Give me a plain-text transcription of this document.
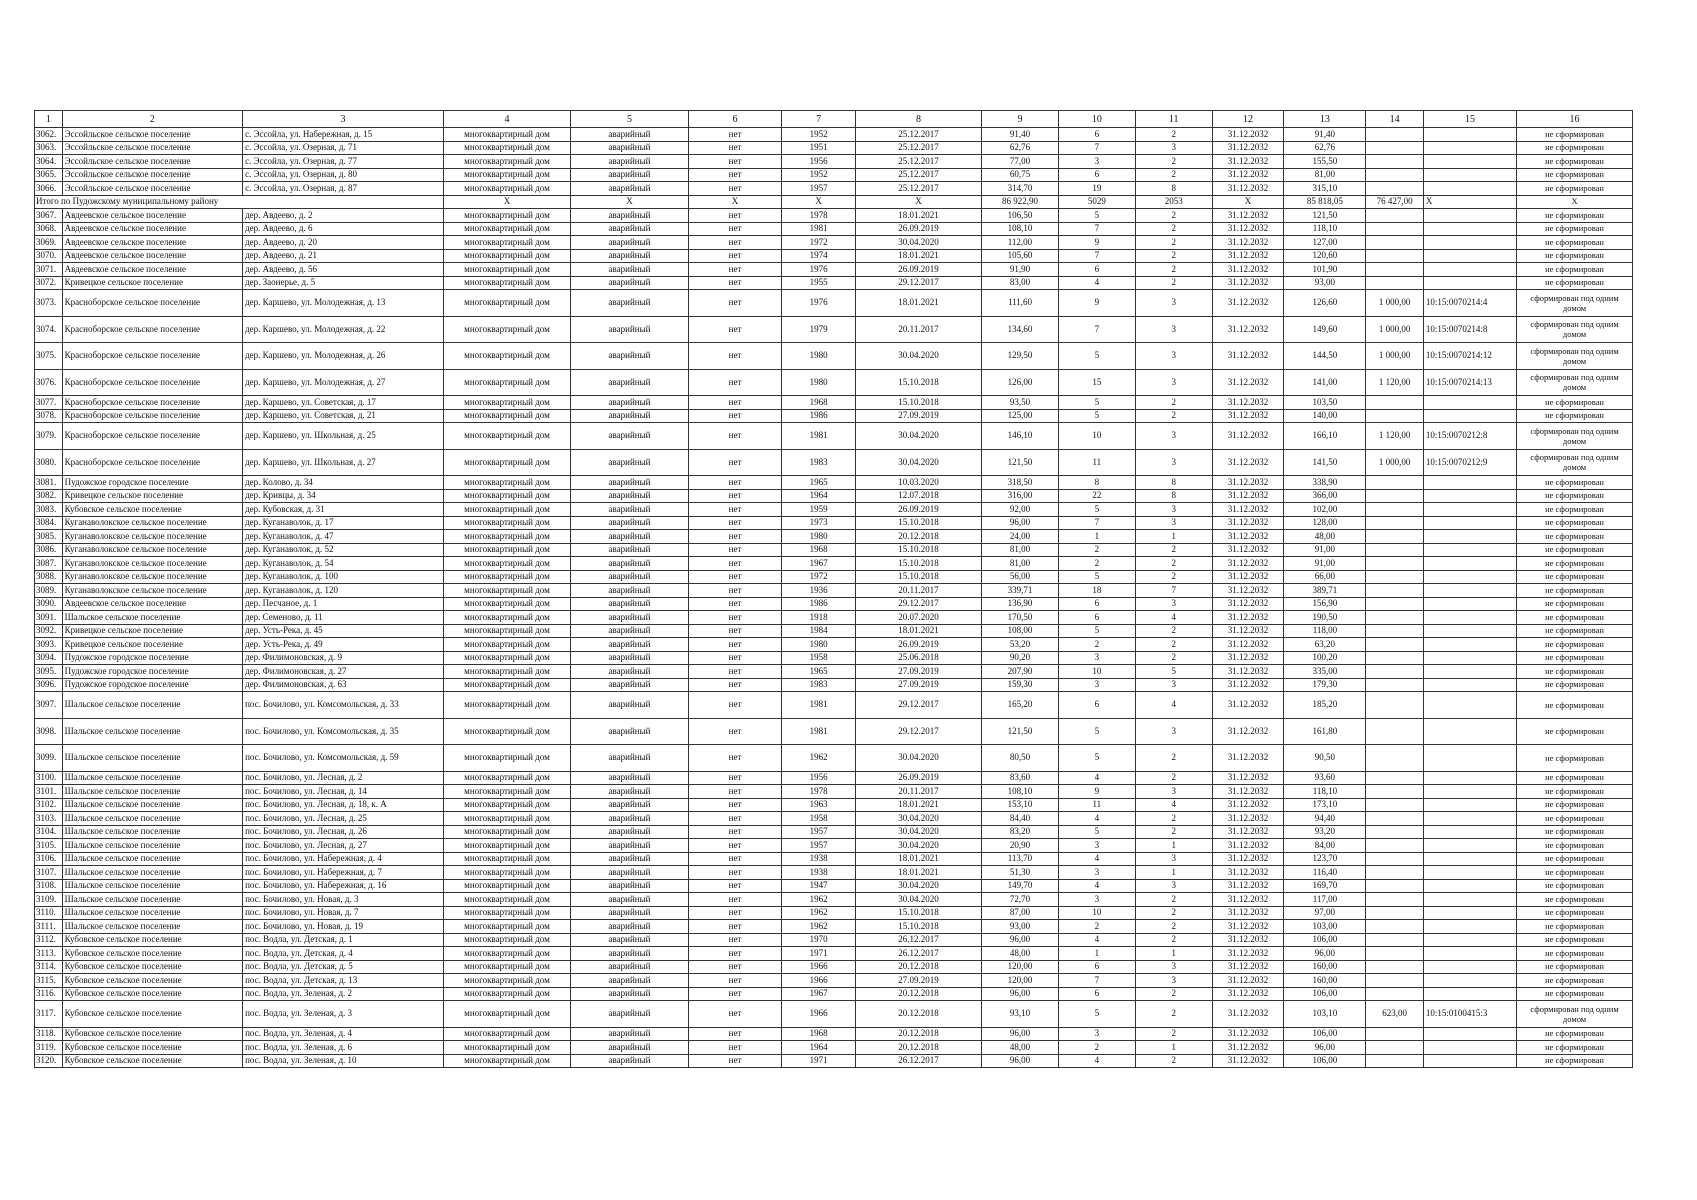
1	2	3	4	5	6	7	8	9	10	11	12	13	14	15	16
3062.	Эссойльское сельское поселение	с. Эссойла, ул. Набережная, д. 15	многоквартирный дом	аварийный	нет	1952	25.12.2017	91,40	6	2	31.12.2032	91,40			не сформирован
3063.	Эссойльское сельское поселение	с. Эссойла, ул. Озерная, д. 71	многоквартирный дом	аварийный	нет	1951	25.12.2017	62,76	7	3	31.12.2032	62,76			не сформирован
3064.	Эссойльское сельское поселение	с. Эссойла, ул. Озерная, д. 77	многоквартирный дом	аварийный	нет	1956	25.12.2017	77,00	3	2	31.12.2032	155,50			не сформирован
3065.	Эссойльское сельское поселение	с. Эссойла, ул. Озерная, д. 80	многоквартирный дом	аварийный	нет	1952	25.12.2017	60,75	6	2	31.12.2032	81,00			не сформирован
3066.	Эссойльское сельское поселение	с. Эссойла, ул. Озерная, д. 87	многоквартирный дом	аварийный	нет	1957	25.12.2017	314,70	19	8	31.12.2032	315,10			не сформирован
Итого по Пудожскому муниципальному району			X	X	X	X	X	86 922,90	5029	2053	X	85 818,05	76 427,00	X	X
3067.	Авдеевское сельское поселение	дер. Авдеево, д. 2	многоквартирный дом	аварийный	нет	1978	18.01.2021	106,50	5	2	31.12.2032	121,50			не сформирован
3068.	Авдеевское сельское поселение	дер. Авдеево, д. 6	многоквартирный дом	аварийный	нет	1981	26.09.2019	108,10	7	2	31.12.2032	118,10			не сформирован
3069.	Авдеевское сельское поселение	дер. Авдеево, д. 20	многоквартирный дом	аварийный	нет	1972	30.04.2020	112,00	9	2	31.12.2032	127,00			не сформирован
3070.	Авдеевское сельское поселение	дер. Авдеево, д. 21	многоквартирный дом	аварийный	нет	1974	18.01.2021	105,60	7	2	31.12.2032	120,60			не сформирован
3071.	Авдеевское сельское поселение	дер. Авдеево, д. 56	многоквартирный дом	аварийный	нет	1976	26.09.2019	91,90	6	2	31.12.2032	101,90			не сформирован
3072.	Кривецкое сельское поселение	дер. Заонерье, д. 5	многоквартирный дом	аварийный	нет	1955	29.12.2017	83,00	4	2	31.12.2032	93,00			не сформирован
3073.	Красноборское сельское поселение	дер. Каршево, ул. Молодежная, д. 13	многоквартирный дом	аварийный	нет	1976	18.01.2021	111,60	9	3	31.12.2032	126,60	1 000,00	10:15:0070214:4	сформирован под одним домом
3074.	Красноборское сельское поселение	дер. Каршево, ул. Молодежная, д. 22	многоквартирный дом	аварийный	нет	1979	20.11.2017	134,60	7	3	31.12.2032	149,60	1 000,00	10:15:0070214:8	сформирован под одним домом
3075.	Красноборское сельское поселение	дер. Каршево, ул. Молодежная, д. 26	многоквартирный дом	аварийный	нет	1980	30.04.2020	129,50	5	3	31.12.2032	144,50	1 000,00	10:15:0070214:12	сформирован под одним домом
3076.	Красноборское сельское поселение	дер. Каршево, ул. Молодежная, д. 27	многоквартирный дом	аварийный	нет	1980	15.10.2018	126,00	15	3	31.12.2032	141,00	1 120,00	10:15:0070214:13	сформирован под одним домом
3077.	Красноборское сельское поселение	дер. Каршево, ул. Советская, д. 17	многоквартирный дом	аварийный	нет	1968	15.10.2018	93,50	5	2	31.12.2032	103,50			не сформирован
3078.	Красноборское сельское поселение	дер. Каршево, ул. Советская, д. 21	многоквартирный дом	аварийный	нет	1986	27.09.2019	125,00	5	2	31.12.2032	140,00			не сформирован
3079.	Красноборское сельское поселение	дер. Каршево, ул. Школьная, д. 25	многоквартирный дом	аварийный	нет	1981	30.04.2020	146,10	10	3	31.12.2032	166,10	1 120,00	10:15:0070212:8	сформирован под одним домом
3080.	Красноборское сельское поселение	дер. Каршево, ул. Школьная, д. 27	многоквартирный дом	аварийный	нет	1983	30.04.2020	121,50	11	3	31.12.2032	141,50	1 000,00	10:15:0070212:9	сформирован под одним домом
3081.	Пудожское городское поселение	дер. Колово, д. 34	многоквартирный дом	аварийный	нет	1965	10.03.2020	318,50	8	8	31.12.2032	338,90			не сформирован
3082.	Кривецкое сельское поселение	дер. Кривцы, д. 34	многоквартирный дом	аварийный	нет	1964	12.07.2018	316,00	22	8	31.12.2032	366,00			не сформирован
3083.	Кубовское сельское поселение	дер. Кубовская, д. 31	многоквартирный дом	аварийный	нет	1959	26.09.2019	92,00	5	3	31.12.2032	102,00			не сформирован
3084.	Куганаволокское сельское поселение	дер. Куганаволок, д. 17	многоквартирный дом	аварийный	нет	1973	15.10.2018	96,00	7	3	31.12.2032	128,00			не сформирован
3085.	Куганаволокское сельское поселение	дер. Куганаволок, д. 47	многоквартирный дом	аварийный	нет	1980	20.12.2018	24,00	1	1	31.12.2032	48,00			не сформирован
3086.	Куганаволокское сельское поселение	дер. Куганаволок, д. 52	многоквартирный дом	аварийный	нет	1968	15.10.2018	81,00	2	2	31.12.2032	91,00			не сформирован
3087.	Куганаволокское сельское поселение	дер. Куганаволок, д. 54	многоквартирный дом	аварийный	нет	1967	15.10.2018	81,00	2	2	31.12.2032	91,00			не сформирован
3088.	Куганаволокское сельское поселение	дер. Куганаволок, д. 100	многоквартирный дом	аварийный	нет	1972	15.10.2018	56,00	5	2	31.12.2032	66,00			не сформирован
3089.	Куганаволокское сельское поселение	дер. Куганаволок, д. 120	многоквартирный дом	аварийный	нет	1936	20.11.2017	339,71	18	7	31.12.2032	389,71			не сформирован
3090.	Авдеевское сельское поселение	дер. Песчаное, д. 1	многоквартирный дом	аварийный	нет	1986	29.12.2017	136,90	6	3	31.12.2032	156,90			не сформирован
3091.	Шальское сельское поселение	дер. Семеново, д. 11	многоквартирный дом	аварийный	нет	1918	20.07.2020	170,50	6	4	31.12.2032	190,50			не сформирован
3092.	Кривецкое сельское поселение	дер. Усть-Река, д. 45	многоквартирный дом	аварийный	нет	1984	18.01.2021	108,00	5	2	31.12.2032	118,00			не сформирован
3093.	Кривецкое сельское поселение	дер. Усть-Река, д. 49	многоквартирный дом	аварийный	нет	1980	26.09.2019	53,20	2	2	31.12.2032	63,20			не сформирован
3094.	Пудожское городское поселение	дер. Филимоновская, д. 9	многоквартирный дом	аварийный	нет	1958	25.06.2018	90,20	3	2	31.12.2032	100,20			не сформирован
3095.	Пудожское городское поселение	дер. Филимоновская, д. 27	многоквартирный дом	аварийный	нет	1965	27.09.2019	207,90	10	5	31.12.2032	335,00			не сформирован
3096.	Пудожское городское поселение	дер. Филимоновская, д. 63	многоквартирный дом	аварийный	нет	1983	27.09.2019	159,30	3	3	31.12.2032	179,30			не сформирован
3097.	Шальское сельское поселение	пос. Бочилово, ул. Комсомольская, д. 33	многоквартирный дом	аварийный	нет	1981	29.12.2017	165,20	6	4	31.12.2032	185,20			не сформирован
3098.	Шальское сельское поселение	пос. Бочилово, ул. Комсомольская, д. 35	многоквартирный дом	аварийный	нет	1981	29.12.2017	121,50	5	3	31.12.2032	161,80			не сформирован
3099.	Шальское сельское поселение	пос. Бочилово, ул. Комсомольская, д. 59	многоквартирный дом	аварийный	нет	1962	30.04.2020	80,50	5	2	31.12.2032	90,50			не сформирован
3100.	Шальское сельское поселение	пос. Бочилово, ул. Лесная, д. 2	многоквартирный дом	аварийный	нет	1956	26.09.2019	83,60	4	2	31.12.2032	93,60			не сформирован
3101.	Шальское сельское поселение	пос. Бочилово, ул. Лесная, д. 14	многоквартирный дом	аварийный	нет	1978	20.11.2017	108,10	9	3	31.12.2032	118,10			не сформирован
3102.	Шальское сельское поселение	пос. Бочилово, ул. Лесная, д. 18, к. А	многоквартирный дом	аварийный	нет	1963	18.01.2021	153,10	11	4	31.12.2032	173,10			не сформирован
3103.	Шальское сельское поселение	пос. Бочилово, ул. Лесная, д. 25	многоквартирный дом	аварийный	нет	1958	30.04.2020	84,40	4	2	31.12.2032	94,40			не сформирован
3104.	Шальское сельское поселение	пос. Бочилово, ул. Лесная, д. 26	многоквартирный дом	аварийный	нет	1957	30.04.2020	83,20	5	2	31.12.2032	93,20			не сформирован
3105.	Шальское сельское поселение	пос. Бочилово, ул. Лесная, д. 27	многоквартирный дом	аварийный	нет	1957	30.04.2020	20,90	3	1	31.12.2032	84,00			не сформирован
3106.	Шальское сельское поселение	пос. Бочилово, ул. Набережная, д. 4	многоквартирный дом	аварийный	нет	1938	18.01.2021	113,70	4	3	31.12.2032	123,70			не сформирован
3107.	Шальское сельское поселение	пос. Бочилово, ул. Набережная, д. 7	многоквартирный дом	аварийный	нет	1938	18.01.2021	51,30	3	1	31.12.2032	116,40			не сформирован
3108.	Шальское сельское поселение	пос. Бочилово, ул. Набережная, д. 16	многоквартирный дом	аварийный	нет	1947	30.04.2020	149,70	4	3	31.12.2032	169,70			не сформирован
3109.	Шальское сельское поселение	пос. Бочилово, ул. Новая, д. 3	многоквартирный дом	аварийный	нет	1962	30.04.2020	72,70	3	2	31.12.2032	117,00			не сформирован
3110.	Шальское сельское поселение	пос. Бочилово, ул. Новая, д. 7	многоквартирный дом	аварийный	нет	1962	15.10.2018	87,00	10	2	31.12.2032	97,00			не сформирован
3111.	Шальское сельское поселение	пос. Бочилово, ул. Новая, д. 19	многоквартирный дом	аварийный	нет	1962	15.10.2018	93,00	2	2	31.12.2032	103,00			не сформирован
3112.	Кубовское сельское поселение	пос. Водла, ул. Детская, д. 1	многоквартирный дом	аварийный	нет	1970	26.12.2017	96,00	4	2	31.12.2032	106,00			не сформирован
3113.	Кубовское сельское поселение	пос. Водла, ул. Детская, д. 4	многоквартирный дом	аварийный	нет	1971	26.12.2017	48,00	1	1	31.12.2032	96,00			не сформирован
3114.	Кубовское сельское поселение	пос. Водла, ул. Детская, д. 5	многоквартирный дом	аварийный	нет	1966	20.12.2018	120,00	6	3	31.12.2032	160,00			не сформирован
3115.	Кубовское сельское поселение	пос. Водла, ул. Детская, д. 13	многоквартирный дом	аварийный	нет	1966	27.09.2019	120,00	7	3	31.12.2032	160,00			не сформирован
3116.	Кубовское сельское поселение	пос. Водла, ул. Зеленая, д. 2	многоквартирный дом	аварийный	нет	1967	20.12.2018	96,00	6	2	31.12.2032	106,00			не сформирован
3117.	Кубовское сельское поселение	пос. Водла, ул. Зеленая, д. 3	многоквартирный дом	аварийный	нет	1966	20.12.2018	93,10	5	2	31.12.2032	103,10	623,00	10:15:0100415:3	сформирован под одним домом
3118.	Кубовское сельское поселение	пос. Водла, ул. Зеленая, д. 4	многоквартирный дом	аварийный	нет	1968	20.12.2018	96,00	3	2	31.12.2032	106,00			не сформирован
3119.	Кубовское сельское поселение	пос. Водла, ул. Зеленая, д. 6	многоквартирный дом	аварийный	нет	1964	20.12.2018	48,00	2	1	31.12.2032	96,00			не сформирован
3120.	Кубовское сельское поселение	пос. Водла, ул. Зеленая, д. 10	многоквартирный дом	аварийный	нет	1971	26.12.2017	96,00	4	2	31.12.2032	106,00			не сформирован
